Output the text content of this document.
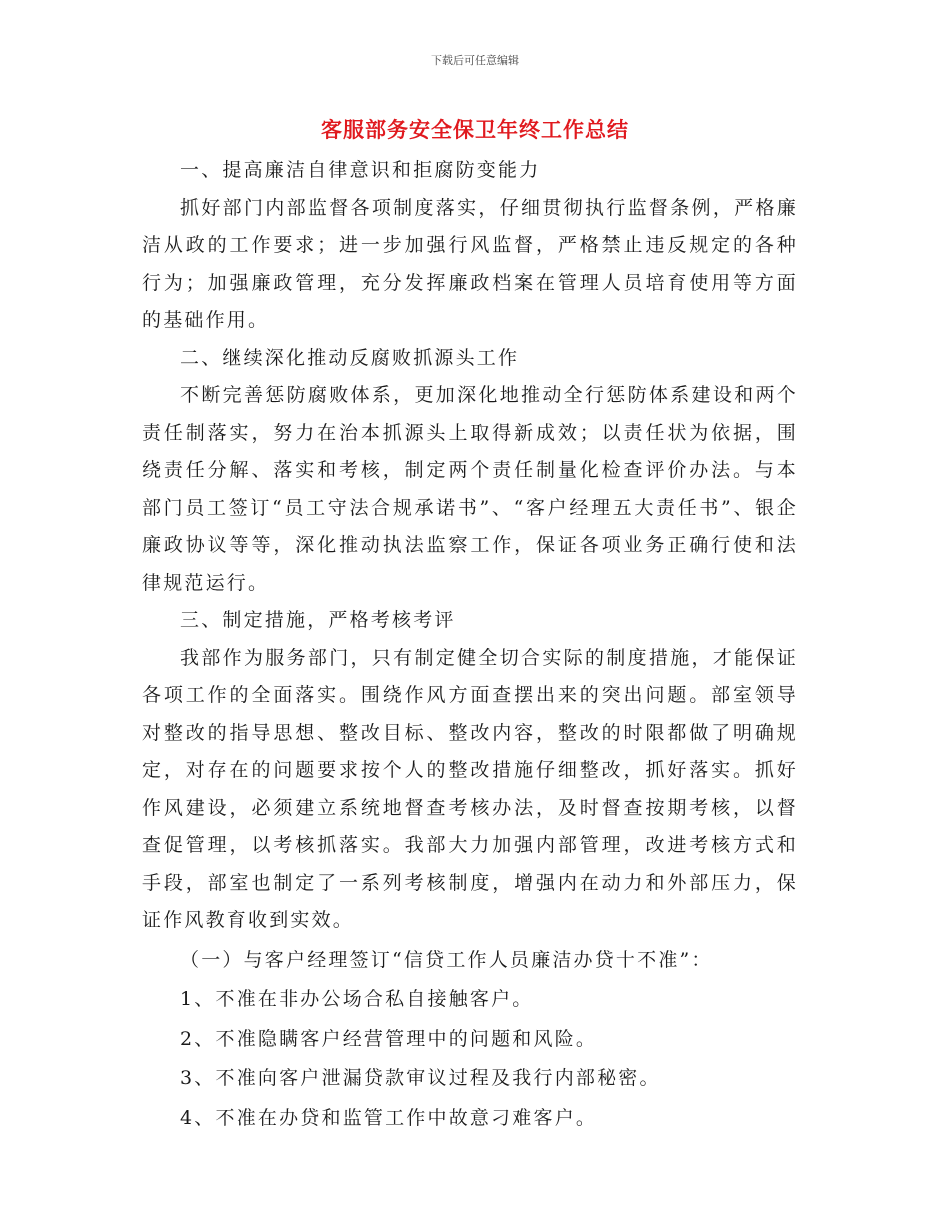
下载后可任意编辑
客服部务安全保卫年终工作总结

一、提高廉洁自律意识和拒腐防变能力

抓好部门内部监督各项制度落实，仔细贯彻执行监督条例，严格廉洁从政的工作要求；进一步加强行风监督，严格禁止违反规定的各种行为；加强廉政管理，充分发挥廉政档案在管理人员培育使用等方面的基础作用。

二、继续深化推动反腐败抓源头工作

不断完善惩防腐败体系，更加深化地推动全行惩防体系建设和两个责任制落实，努力在治本抓源头上取得新成效；以责任状为依据，围绕责任分解、落实和考核，制定两个责任制量化检查评价办法。与本部门员工签订“员工守法合规承诺书”、“客户经理五大责任书”、银企廉政协议等等，深化推动执法监察工作，保证各项业务正确行使和法律规范运行。

三、制定措施，严格考核考评

我部作为服务部门，只有制定健全切合实际的制度措施，才能保证各项工作的全面落实。围绕作风方面查摆出来的突出问题。部室领导对整改的指导思想、整改目标、整改内容，整改的时限都做了明确规定，对存在的问题要求按个人的整改措施仔细整改，抓好落实。抓好作风建设，必须建立系统地督查考核办法，及时督查按期考核，以督查促管理，以考核抓落实。我部大力加强内部管理，改进考核方式和手段，部室也制定了一系列考核制度，增强内在动力和外部压力，保证作风教育收到实效。

（一）与客户经理签订“信贷工作人员廉洁办贷十不准”：

1、不准在非办公场合私自接触客户。

2、不准隐瞒客户经营管理中的问题和风险。

3、不准向客户泄漏贷款审议过程及我行内部秘密。

4、不准在办贷和监管工作中故意刁难客户。
